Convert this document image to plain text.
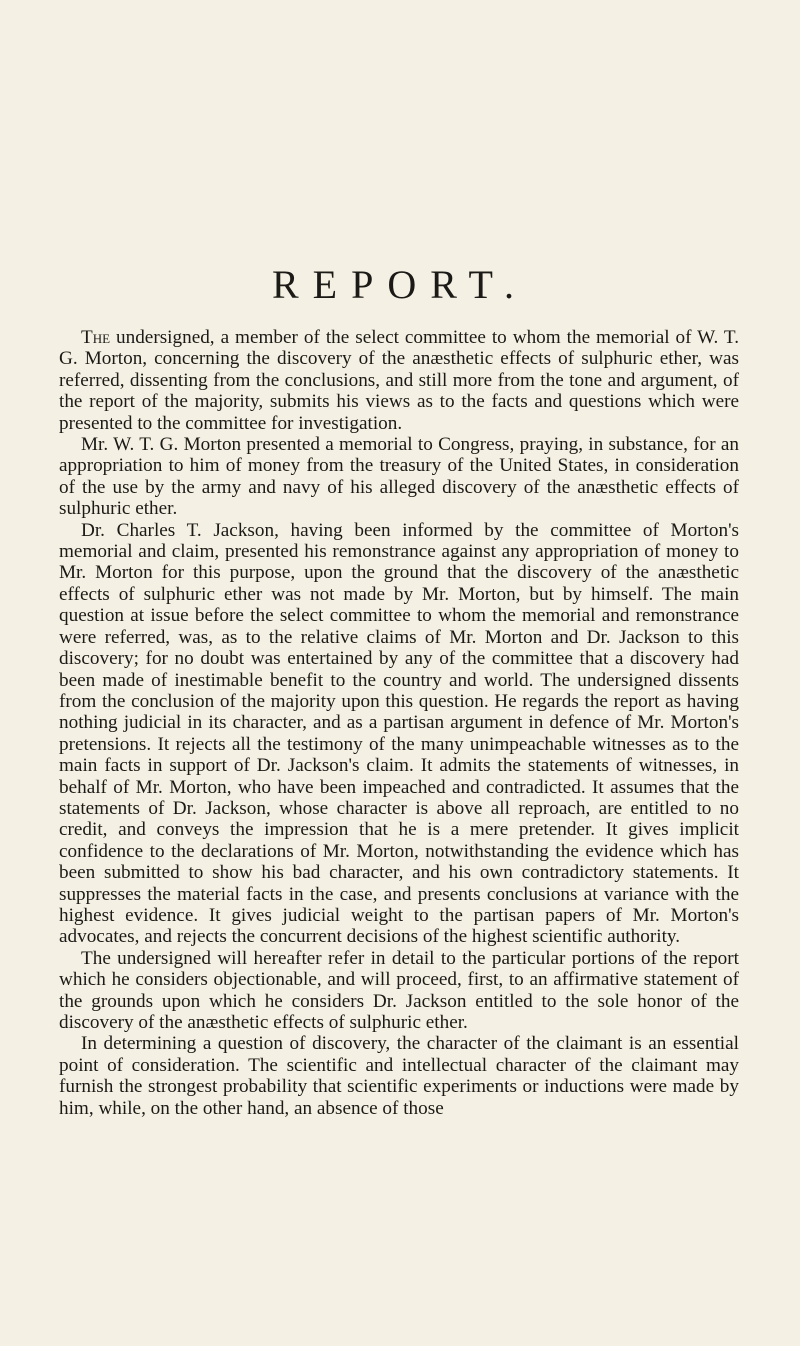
REPORT.

The undersigned, a member of the select committee to whom the memorial of W. T. G. Morton, concerning the discovery of the anæsthetic effects of sulphuric ether, was referred, dissenting from the conclusions, and still more from the tone and argument, of the report of the majority, submits his views as to the facts and questions which were presented to the committee for investigation.

Mr. W. T. G. Morton presented a memorial to Congress, praying, in substance, for an appropriation to him of money from the treasury of the United States, in consideration of the use by the army and navy of his alleged discovery of the anæsthetic effects of sulphuric ether.

Dr. Charles T. Jackson, having been informed by the committee of Morton's memorial and claim, presented his remonstrance against any appropriation of money to Mr. Morton for this purpose, upon the ground that the discovery of the anæsthetic effects of sulphuric ether was not made by Mr. Morton, but by himself. The main question at issue before the select committee to whom the memorial and remonstrance were referred, was, as to the relative claims of Mr. Morton and Dr. Jackson to this discovery; for no doubt was entertained by any of the committee that a discovery had been made of inestimable benefit to the country and world. The undersigned dissents from the conclusion of the majority upon this question. He regards the report as having nothing judicial in its character, and as a partisan argument in defence of Mr. Morton's pretensions. It rejects all the testimony of the many unimpeachable witnesses as to the main facts in support of Dr. Jackson's claim. It admits the statements of witnesses, in behalf of Mr. Morton, who have been impeached and contradicted. It assumes that the statements of Dr. Jackson, whose character is above all reproach, are entitled to no credit, and conveys the impression that he is a mere pretender. It gives implicit confidence to the declarations of Mr. Morton, notwithstanding the evidence which has been submitted to show his bad character, and his own contradictory statements. It suppresses the material facts in the case, and presents conclusions at variance with the highest evidence. It gives judicial weight to the partisan papers of Mr. Morton's advocates, and rejects the concurrent decisions of the highest scientific authority.

The undersigned will hereafter refer in detail to the particular portions of the report which he considers objectionable, and will proceed, first, to an affirmative statement of the grounds upon which he considers Dr. Jackson entitled to the sole honor of the discovery of the anæsthetic effects of sulphuric ether.

In determining a question of discovery, the character of the claimant is an essential point of consideration. The scientific and intellectual character of the claimant may furnish the strongest probability that scientific experiments or inductions were made by him, while, on the other hand, an absence of those
